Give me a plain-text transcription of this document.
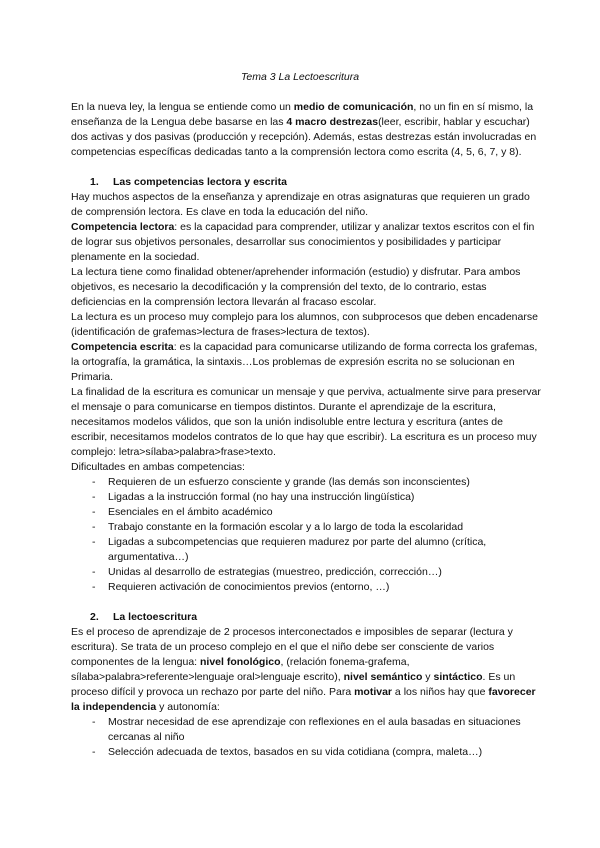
Tema 3 La Lectoescritura

En la nueva ley, la lengua se entiende como un medio de comunicación, no un fin en sí mismo, la enseñanza de la Lengua debe basarse en las 4 macro destrezas(leer, escribir, hablar y escuchar) dos activas y dos pasivas (producción y recepción). Además, estas destrezas están involucradas en competencias específicas dedicadas tanto a la comprensión lectora como escrita (4, 5, 6, 7, y 8).

1. Las competencias lectora y escrita

Hay muchos aspectos de la enseñanza y aprendizaje en otras asignaturas que requieren un grado de comprensión lectora. Es clave en toda la educación del niño.

Competencia lectora: es la capacidad para comprender, utilizar y analizar textos escritos con el fin de lograr sus objetivos personales, desarrollar sus conocimientos y posibilidades y participar plenamente en la sociedad.

La lectura tiene como finalidad obtener/aprehender información (estudio) y disfrutar. Para ambos objetivos, es necesario la decodificación y la comprensión del texto, de lo contrario, estas deficiencias en la comprensión lectora llevarán al fracaso escolar.

La lectura es un proceso muy complejo para los alumnos, con subprocesos que deben encadenarse (identificación de grafemas>lectura de frases>lectura de textos).

Competencia escrita: es la capacidad para comunicarse utilizando de forma correcta los grafemas, la ortografía, la gramática, la sintaxis…Los problemas de expresión escrita no se solucionan en Primaria.

La finalidad de la escritura es comunicar un mensaje y que perviva, actualmente sirve para preservar el mensaje o para comunicarse en tiempos distintos. Durante el aprendizaje de la escritura, necesitamos modelos válidos, que son la unión indisoluble entre lectura y escritura (antes de escribir, necesitamos modelos contratos de lo que hay que escribir). La escritura es un proceso muy complejo: letra>sílaba>palabra>frase>texto.

Dificultades en ambas competencias:

- Requieren de un esfuerzo consciente y grande (las demás son inconscientes)
- Ligadas a la instrucción formal (no hay una instrucción lingüística)
- Esenciales en el ámbito académico
- Trabajo constante en la formación escolar y a lo largo de toda la escolaridad
- Ligadas a subcompetencias que requieren madurez por parte del alumno (crítica, argumentativa…)
- Unidas al desarrollo de estrategias (muestreo, predicción, corrección…)
- Requieren activación de conocimientos previos (entorno, …)

2. La lectoescritura

Es el proceso de aprendizaje de 2 procesos interconectados e imposibles de separar (lectura y escritura). Se trata de un proceso complejo en el que el niño debe ser consciente de varios componentes de la lengua: nivel fonológico, (relación fonema-grafema, sílaba>palabra>referente>lenguaje oral>lenguaje escrito), nivel semántico y sintáctico. Es un proceso difícil y provoca un rechazo por parte del niño. Para motivar a los niños hay que favorecer la independencia y autonomía:

- Mostrar necesidad de ese aprendizaje con reflexiones en el aula basadas en situaciones cercanas al niño
- Selección adecuada de textos, basados en su vida cotidiana (compra, maleta…)
